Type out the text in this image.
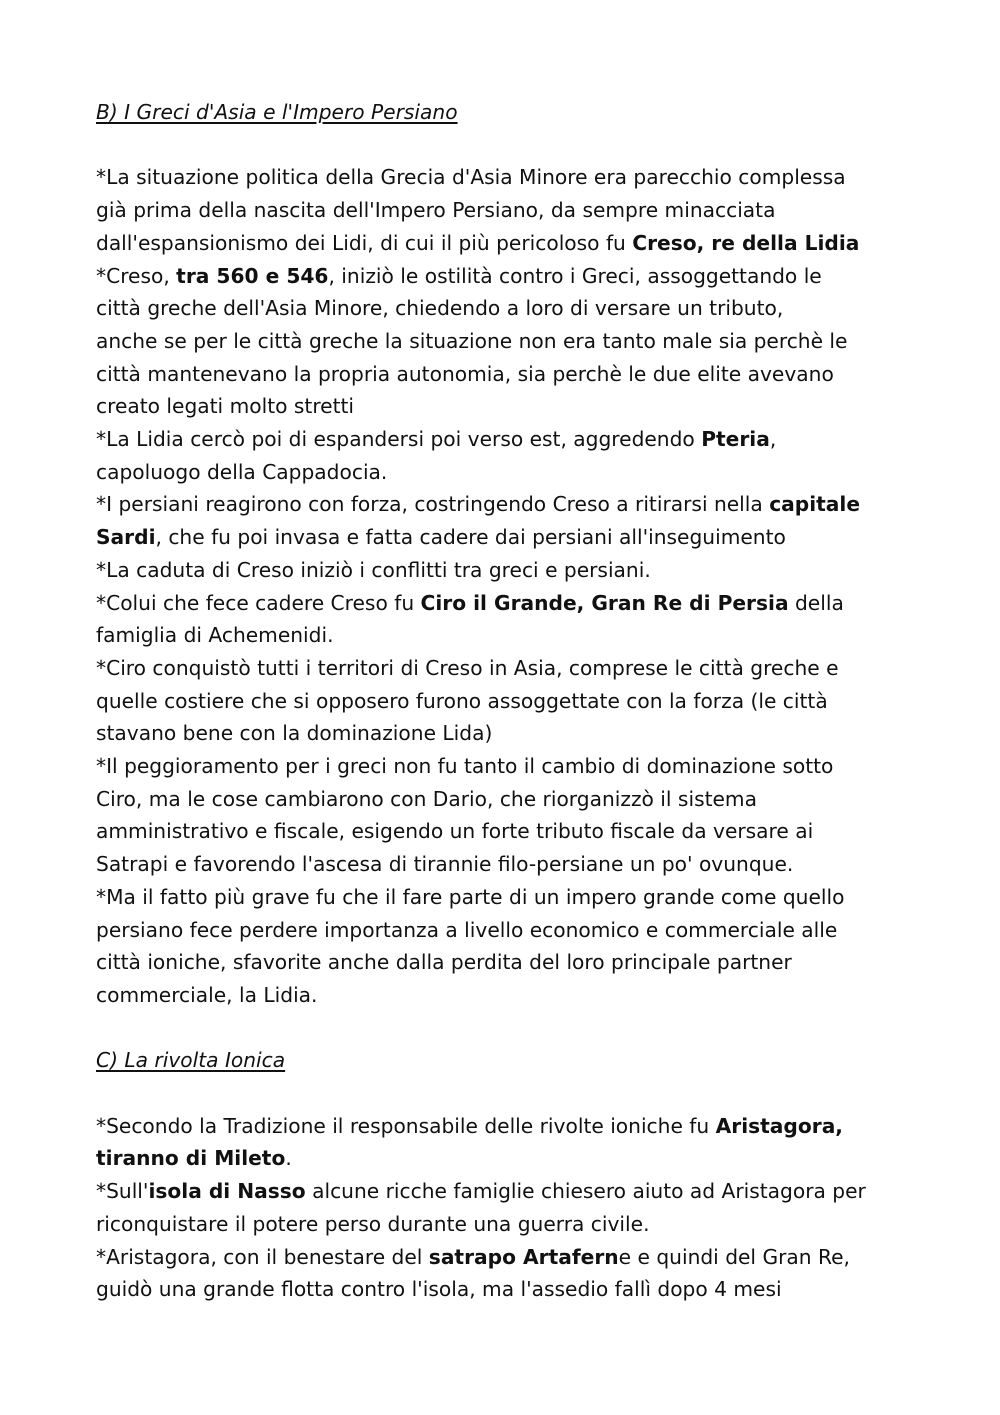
B) I Greci d'Asia e l'Impero Persiano

*La situazione politica della Grecia d'Asia Minore era parecchio complessa
già prima della nascita dell'Impero Persiano, da sempre minacciata
dall'espansionismo dei Lidi, di cui il più pericoloso fu Creso, re della Lidia

*Creso, tra 560 e 546, iniziò le ostilità contro i Greci, assoggettando le
città greche dell'Asia Minore, chiedendo a loro di versare un tributo,
anche se per le città greche la situazione non era tanto male sia perchè le
città mantenevano la propria autonomia, sia perchè le due elite avevano
creato legati molto stretti

*La Lidia cercò poi di espandersi poi verso est, aggredendo Pteria,
capoluogo della Cappadocia.

*I persiani reagirono con forza, costringendo Creso a ritirarsi nella capitale
Sardi, che fu poi invasa e fatta cadere dai persiani all'inseguimento

*La caduta di Creso iniziò i conflitti tra greci e persiani.

*Colui che fece cadere Creso fu Ciro il Grande, Gran Re di Persia della
famiglia di Achemenidi.

*Ciro conquistò tutti i territori di Creso in Asia, comprese le città greche e
quelle costiere che si opposero furono assoggettate con la forza (le città
stavano bene con la dominazione Lida)

*Il peggioramento per i greci non fu tanto il cambio di dominazione sotto
Ciro, ma le cose cambiarono con Dario, che riorganizzò il sistema
amministrativo e fiscale, esigendo un forte tributo fiscale da versare ai
Satrapi e favorendo l'ascesa di tirannie filo-persiane un po' ovunque.

*Ma il fatto più grave fu che il fare parte di un impero grande come quello
persiano fece perdere importanza a livello economico e commerciale alle
città ioniche, sfavorite anche dalla perdita del loro principale partner
commerciale, la Lidia.

C) La rivolta Ionica

*Secondo la Tradizione il responsabile delle rivolte ioniche fu Aristagora,
tiranno di Mileto.

*Sull'isola di Nasso alcune ricche famiglie chiesero aiuto ad Aristagora per
riconquistare il potere perso durante una guerra civile.

*Aristagora, con il benestare del satrapo Artaferne e quindi del Gran Re,
guidò una grande flotta contro l'isola, ma l'assedio fallì dopo 4 mesi
